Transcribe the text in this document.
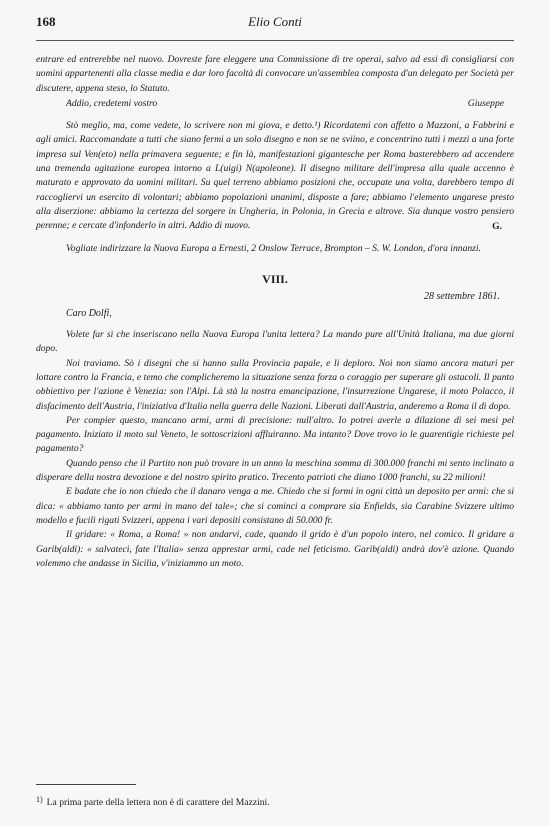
168	Elio Conti

entrare ed entrerebbe nel nuovo. Dovreste fare eleggere una Commissione di tre operai, salvo ad essi di consigliarsi con uomini appartenenti alla classe media e dar loro facoltà di convocare un'assemblea composta d'un delegato per Società per discutere, appena steso, lo Statuto.

Addio, credetemi vostro	Giuseppe

Stò meglio, ma, come vedete, lo scrivere non mi giova, e detto.¹) Ricordatemi con affetto a Mazzoni, a Fabbrini e agli amici. Raccomandate a tutti che siano fermi a un solo disegno e non se ne sviino, e concentrino tutti i mezzi a una forte impresa sul Ven(eto) nella primavera seguente; e fin là, manifestazioni gigantesche per Roma basterebbero ad accendere una tremenda agitazione europea intorno a L(uigi) N(apoleone). Il disegno militare dell'impresa alla quale accenno è maturato e approvato da uomini militari. Su quel terreno abbiamo posizioni che, occupate una volta, darebbero tempo di raccogliervi un esercito di volontari; abbiamo popolazioni unanimi, disposte a fare; abbiamo l'elemento ungarese presto alla diserzione: abbiamo la certezza del sorgere in Ungheria, in Polonia, in Grecia e altrove. Sia dunque vostro pensiero perenne; e cercate d'infonderlo in altri. Addio di nuovo.	G.

Vogliate indirizzare la Nuova Europa a Ernesti, 2 Onslow Terrace, Brompton – S. W. London, d'ora innanzi.

VIII.
28 settembre 1861.
Caro Dolfi,

Volete far sì che inseriscano nella Nuova Europa l'unita lettera? La mando pure all'Unità Italiana, ma due giorni dopo.

Noi traviamo. Sò i disegni che si hanno sulla Provincia papale, e li deploro. Noi non siamo ancora maturi per lottare contro la Francia, e temo che complicheremo la situazione senza forza o coraggio per superare gli ostacoli. Il punto obbiettivo per l'azione è Venezia: son l'Alpi. Là stà la nostra emancipazione, l'insurrezione Ungarese, il moto Polacco, il disfacimento dell'Austria, l'iniziativa d'Italia nella guerra delle Nazioni. Liberati dall'Austria, anderemo a Roma il dì dopo.

Per compier questo, mancano armi, armi di precisione: null'altro. Io potrei averle a dilazione di sei mesi pel pagamento. Iniziato il moto sul Veneto, le sottoscrizioni affluiranno. Ma intanto? Dove trovo io le guarentigie richieste pel pagamento?

Quando penso che il Partito non può trovare in un anno la meschina somma di 300.000 franchi mi sento inclinato a disperare della nostra devozione e del nostro spirito pratico. Trecento patrioti che diano 1000 franchi, su 22 milioni!

E badate che io non chiedo che il danaro venga a me. Chiedo che si formi in ogni città un deposito per armi: che si dica: « abbiamo tanto per armi in mano del tale»; che si cominci a comprare sia Enfields, sia Carabine Svizzere ultimo modello e fucili rigati Svizzeri, appena i vari depositi consistano di 50.000 fr.

Il gridare: « Roma, a Roma! » non andarvi, cade, quando il grido è d'un popolo intero, nel comico. Il gridare a Garib(aldi): « salvateci, fate l'Italia» senza apprestar armi, cade nel feticismo. Garib(aldi) andrà dov'è azione. Quando volemmo che andasse in Sicilia, v'iniziammo un moto.

$^{1)}$ La prima parte della lettera non è di carattere del Mazzini.
